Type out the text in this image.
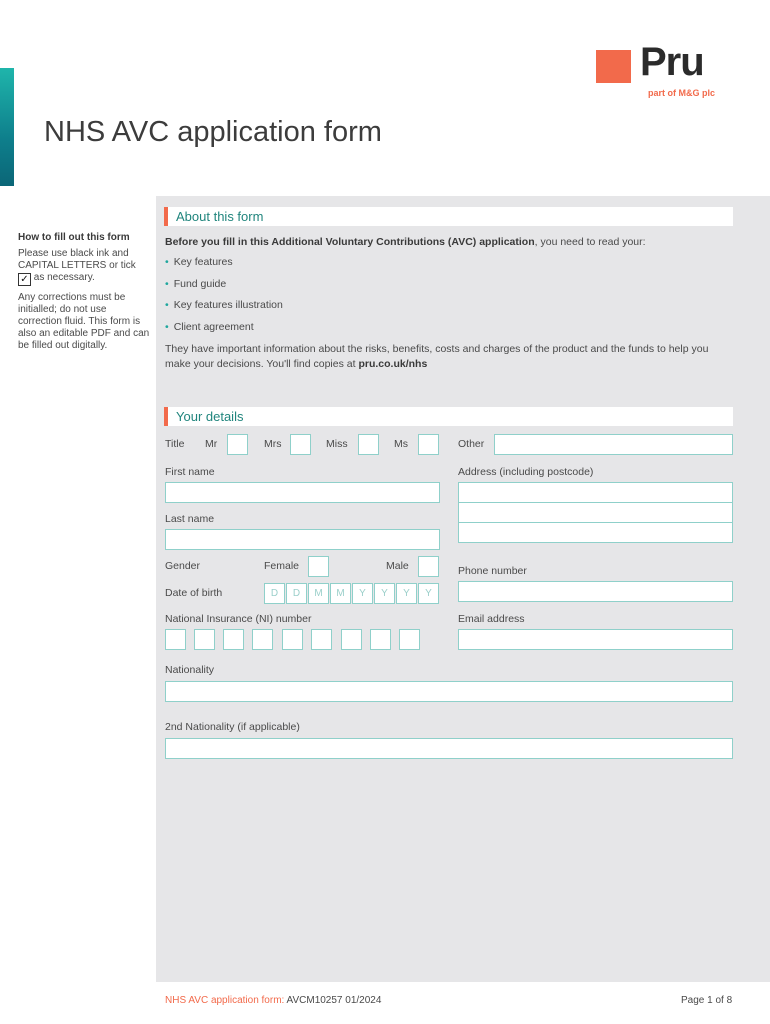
Pru
part of M&G plc
NHS AVC application form
How to fill out this form

Please use black ink and CAPITAL LETTERS or tick ✓ as necessary.

Any corrections must be initialled; do not use correction fluid. This form is also an editable PDF and can be filled out digitally.

About this form
Before you fill in this Additional Voluntary Contributions (AVC) application, you need to read your:
• Key features
• Fund guide
• Key features illustration
• Client agreement
They have important information about the risks, benefits, costs and charges of the product and the funds to help you make your decisions. You'll find copies at pru.co.uk/nhs
Your details
Title Mr	Mrs	Miss	Ms	Other
First name	Address (including postcode)
Last name
Gender	Female	Male	Phone number
Date of birth	D	D	M	M	Y	Y	Y	Y
National Insurance (NI) number	Email address
Nationality
2nd Nationality (if applicable)
NHS AVC application form: AVCM10257 01/2024	Page 1 of 8
